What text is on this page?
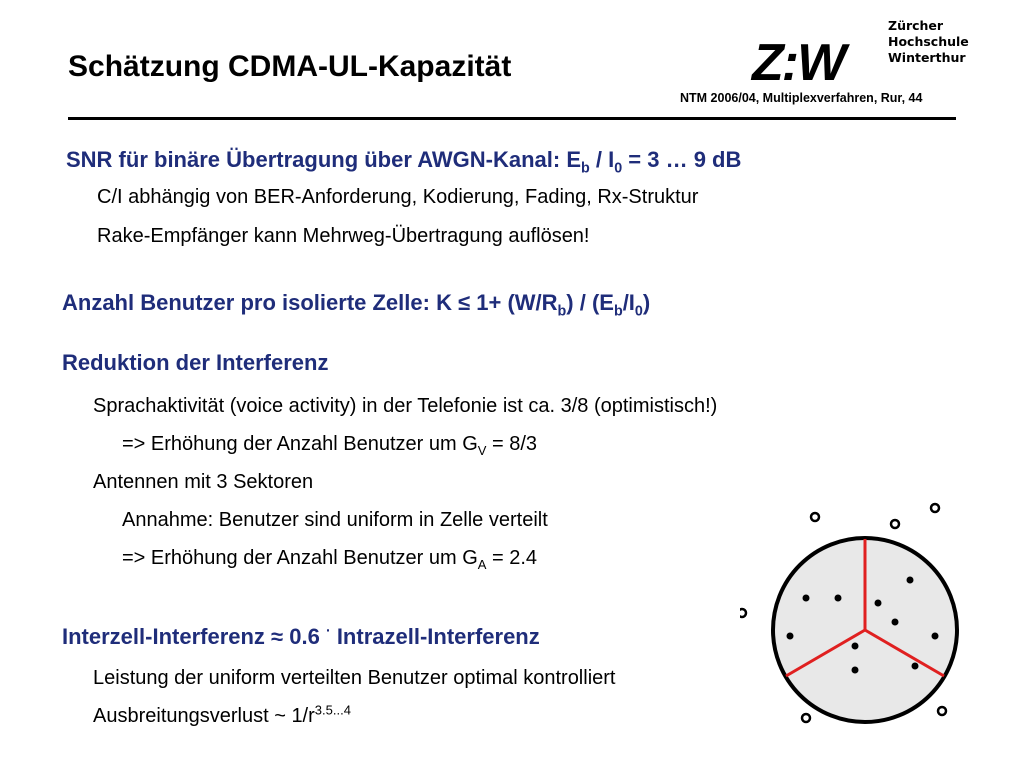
Schätzung CDMA-UL-Kapazität	Z:W
Zürcher
Hochschule
Winterthur
NTM 2006/04, Multiplexverfahren, Rur, 44
SNR für binäre Übertragung über AWGN-Kanal: $E_b / I_0 = 3$ … 9 dB
C/I abhängig von BER-Anforderung, Kodierung, Fading, Rx-Struktur
Rake-Empfänger kann Mehrweg-Übertragung auflösen!
Anzahl Benutzer pro isolierte Zelle: $K \le 1+ (W/R_b) / (E_b/I_0)$
Reduktion der Interferenz
Sprachaktivität (voice activity) in der Telefonie ist ca. 3/8 (optimistisch!)
=> Erhöhung der Anzahl Benutzer um $G_V = 8/3$
Antennen mit 3 Sektoren
Annahme: Benutzer sind uniform in Zelle verteilt
=> Erhöhung der Anzahl Benutzer um $G_A = 2.4$
Interzell-Interferenz ≈ 0.6 · Intrazell-Interferenz
Leistung der uniform verteilten Benutzer optimal kontrolliert
Ausbreitungsverlust ~ $1/r^{3.5...4}$
